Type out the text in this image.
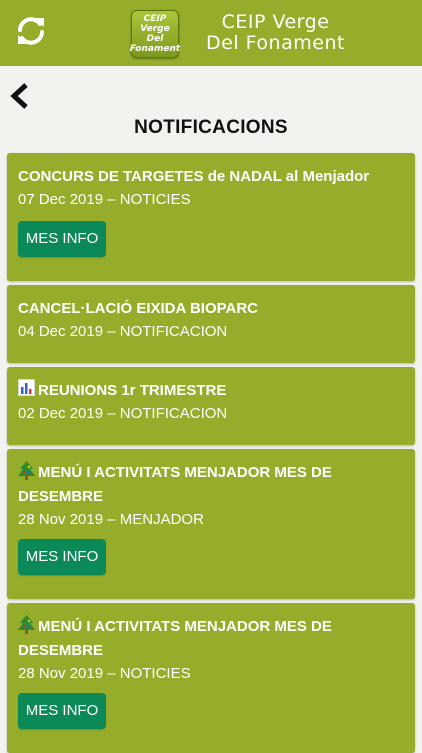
CEIP
Verge
Del
Fonament
CEIP Verge
Del Fonament
NOTIFICACIONS
CONCURS DE TARGETES de NADAL al Menjador
07 Dec 2019 – NOTICIES
MES INFO
CANCEL·LACIÓ EIXIDA BIOPARC
04 Dec 2019 – NOTIFICACION
REUNIONS 1r TRIMESTRE
02 Dec 2019 – NOTIFICACION
MENÚ I ACTIVITATS MENJADOR MES DE
DESEMBRE
28 Nov 2019 – MENJADOR
MES INFO
MENÚ I ACTIVITATS MENJADOR MES DE
DESEMBRE
28 Nov 2019 – NOTICIES
MES INFO
